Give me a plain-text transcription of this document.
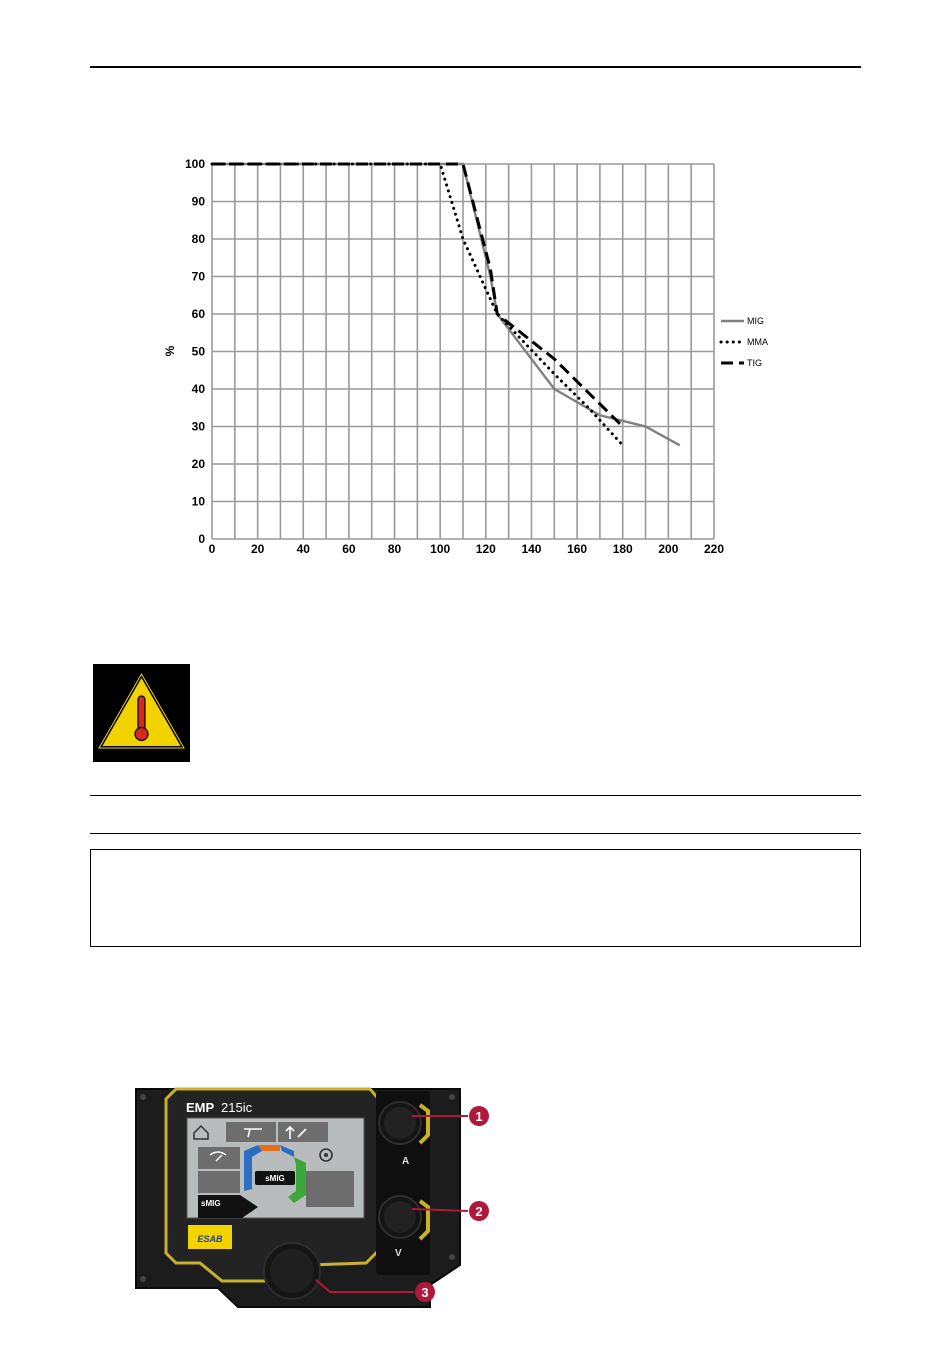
0
10
20
30
40
50
60
70
80
90
100
0	20	40	60	80 100 120 140 160 180 200 220
%
MIG
MMA
TIG
EMP 215ic
sMIG
sMIG
ESAB
A
V
1
2
3
